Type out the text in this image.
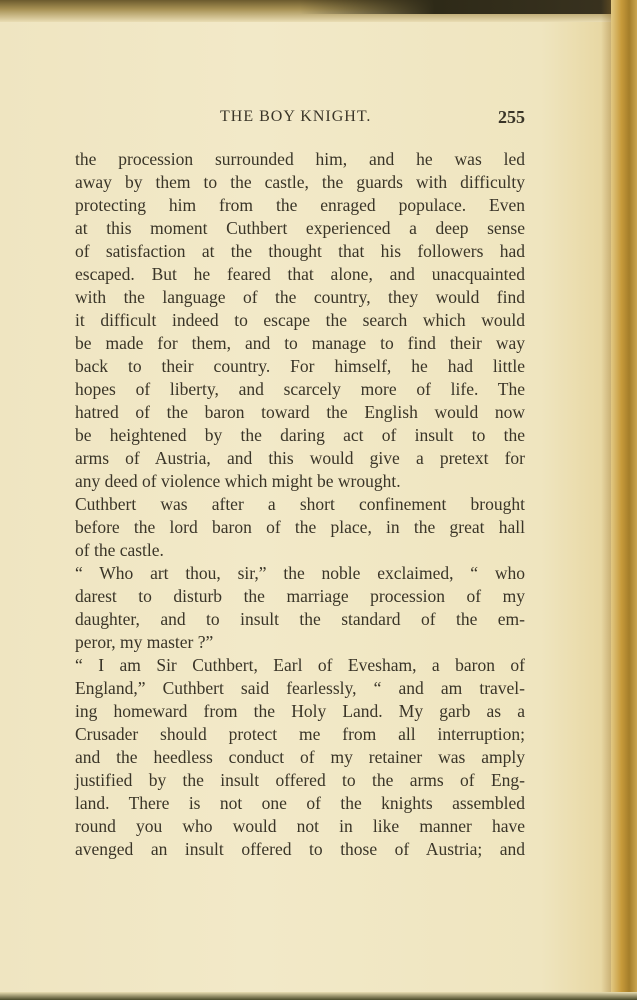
THE BOY KNIGHT.	255
the procession surrounded him, and he was led
away by them to the castle, the guards with difficulty
protecting him from the enraged populace. Even
at this moment Cuthbert experienced a deep sense
of satisfaction at the thought that his followers had
escaped. But he feared that alone, and unacquainted
with the language of the country, they would find
it difficult indeed to escape the search which would
be made for them, and to manage to find their way
back to their country. For himself, he had little
hopes of liberty, and scarcely more of life. The
hatred of the baron toward the English would now
be heightened by the daring act of insult to the
arms of Austria, and this would give a pretext for
any deed of violence which might be wrought.
Cuthbert was after a short confinement brought
before the lord baron of the place, in the great hall
of the castle.
“ Who art thou, sir,” the noble exclaimed, “ who
darest to disturb the marriage procession of my
daughter, and to insult the standard of the em-
peror, my master ?”
“ I am Sir Cuthbert, Earl of Evesham, a baron of
England,” Cuthbert said fearlessly, “ and am travel-
ing homeward from the Holy Land. My garb as a
Crusader should protect me from all interruption;
and the heedless conduct of my retainer was amply
justified by the insult offered to the arms of Eng-
land. There is not one of the knights assembled
round you who would not in like manner have
avenged an insult offered to those of Austria; and
